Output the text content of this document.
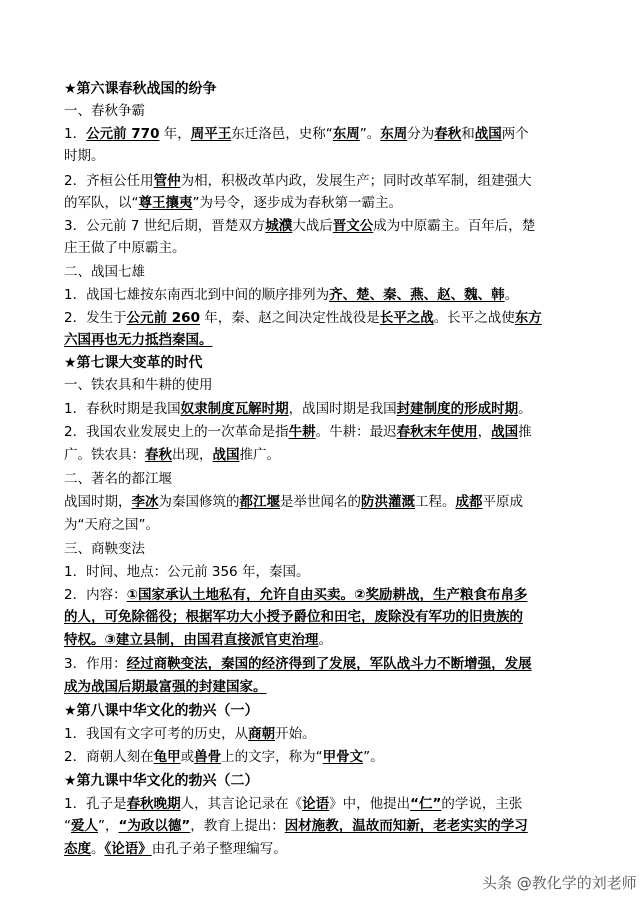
★第六课春秋战国的纷争
一、春秋争霸
1．公元前 770 年，周平王东迁洛邑，史称“东周”。东周分为春秋和战国两个
时期。
2．齐桓公任用管仲为相，积极改革内政，发展生产；同时改革军制，组建强大
的军队，以“尊王攘夷”为号令，逐步成为春秋第一霸主。
3．公元前 7 世纪后期，晋楚双方城濮大战后晋文公成为中原霸主。百年后，楚
庄王做了中原霸主。
二、战国七雄
1．战国七雄按东南西北到中间的顺序排列为齐、楚、秦、燕、赵、魏、韩。
2．发生于公元前 260 年，秦、赵之间决定性战役是长平之战。长平之战使东方
六国再也无力抵挡秦国。
★第七课大变革的时代
一、铁农具和牛耕的使用
1．春秋时期是我国奴隶制度瓦解时期，战国时期是我国封建制度的形成时期。
2．我国农业发展史上的一次革命是指牛耕。牛耕：最迟春秋末年使用，战国推
广。铁农具：春秋出现，战国推广。
二、著名的都江堰
战国时期，李冰为秦国修筑的都江堰是举世闻名的防洪灌溉工程。成都平原成
为“天府之国”。
三、商鞅变法
1．时间、地点：公元前 356 年，秦国。
2．内容：①国家承认土地私有，允许自由买卖。②奖励耕战，生产粮食布帛多
的人，可免除徭役；根据军功大小授予爵位和田宅，废除没有军功的旧贵族的
特权。③建立县制，由国君直接派官吏治理。
3．作用：经过商鞅变法，秦国的经济得到了发展，军队战斗力不断增强，发展
成为战国后期最富强的封建国家。
★第八课中华文化的勃兴（一）
1．我国有文字可考的历史，从商朝开始。
2．商朝人刻在龟甲或兽骨上的文字，称为“甲骨文”。
★第九课中华文化的勃兴（二）
1．孔子是春秋晚期人，其言论记录在《论语》中，他提出“仁”的学说，主张
“爱人”，“为政以德”，教育上提出：因材施教，温故而知新，老老实实的学习
态度。《论语》由孔子弟子整理编写。
头条 @教化学的刘老师
